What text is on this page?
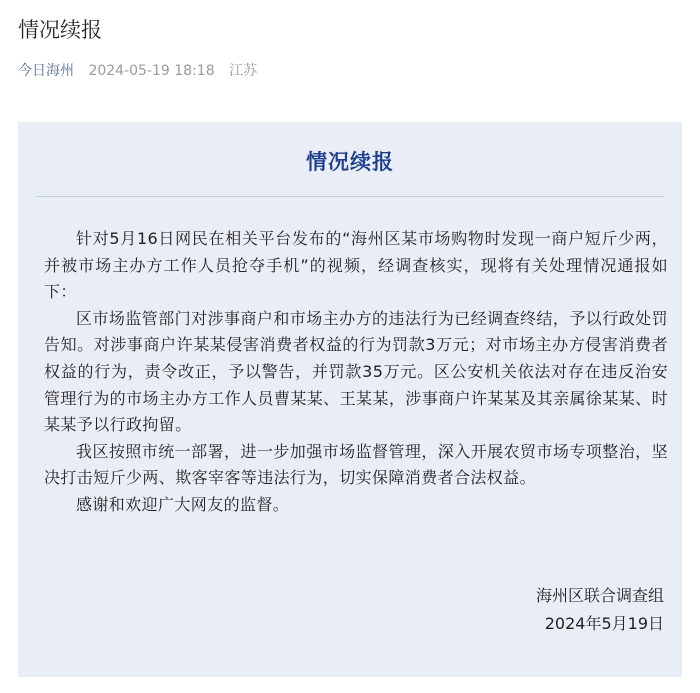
情况续报
今日海州 2024-05-19 18:18 江苏
情况续报

针对5月16日网民在相关平台发布的“海州区某市场购物时发现一商户短斤少两，并被市场主办方工作人员抢夺手机”的视频，经调查核实，现将有关处理情况通报如下：

区市场监管部门对涉事商户和市场主办方的违法行为已经调查终结，予以行政处罚告知。对涉事商户许某某侵害消费者权益的行为罚款3万元；对市场主办方侵害消费者权益的行为，责令改正，予以警告，并罚款35万元。区公安机关依法对存在违反治安管理行为的市场主办方工作人员曹某某、王某某，涉事商户许某某及其亲属徐某某、时某某予以行政拘留。

我区按照市统一部署，进一步加强市场监督管理，深入开展农贸市场专项整治，坚决打击短斤少两、欺客宰客等违法行为，切实保障消费者合法权益。

感谢和欢迎广大网友的监督。

海州区联合调查组
2024年5月19日
